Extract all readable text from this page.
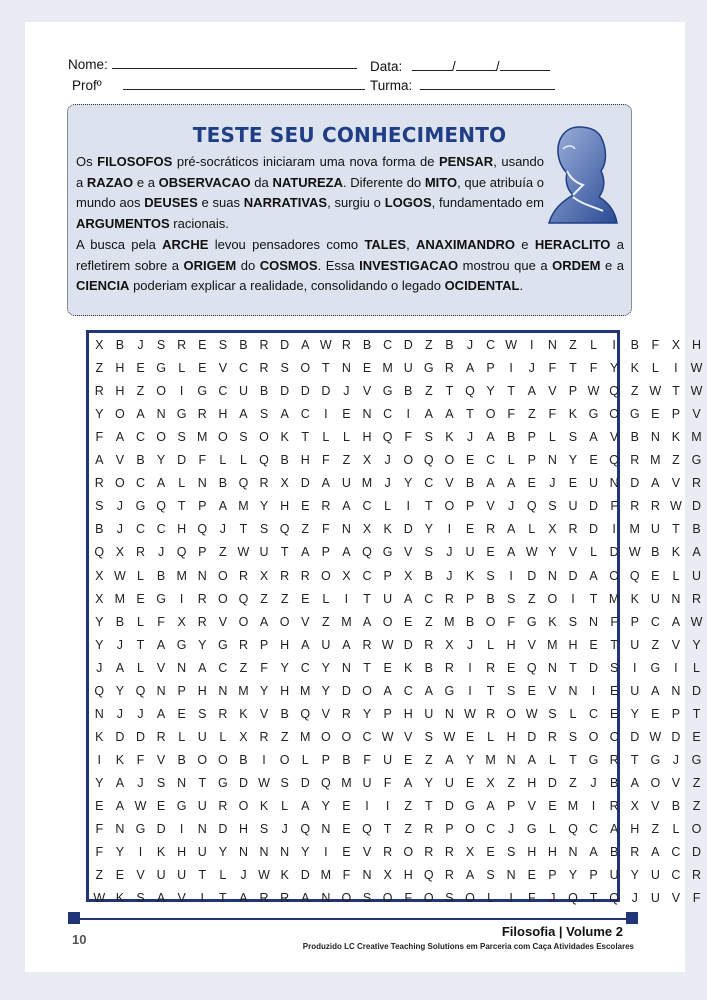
Nome:	Data:	/	/
Profº	Turma:
TESTE SEU CONHECIMENTO

Os FILOSOFOS pré-socráticos iniciaram uma nova forma de PENSAR, usando a RAZAO e a OBSERVACAO da NATUREZA. Diferente do MITO, que atribuía o mundo aos DEUSES e suas NARRATIVAS, surgiu o LOGOS, fundamentado em ARGUMENTOS racionais.

A busca pela ARCHE levou pensadores como TALES, ANAXIMANDRO e HERACLITO a refletirem sobre a ORIGEM do COSMOS. Essa INVESTIGACAO mostrou que a ORDEM e a CIENCIA poderiam explicar a realidade, consolidando o legado OCIDENTAL.

X B	J	S R E S B R D A W R B C D Z	B	J	C W	I	N Z	L	I	B	F	X H
Z H E G L	E V C R S O T N E M U G R A P	I	J	F	T	F	Y K	L	I	W
R H Z O	I	G C U B D D D	J	V G B	Z	T Q Y	T	A V P W Q Z W T W
Y O A N G R H A S A C	I	E N C	I	A A	T O F	Z	F	K G O G E P V
F	A C O S M O S O K	T	L	L	H Q F	S K	J	A B P	L	S A V B N K M
A V B Y D F	L	L Q B H F	Z	X	J	O Q O E C	L	P N Y E Q R M Z G
R O C A	L	N B Q R X D A U M J	Y C V B A A E	J	E U N D A V R
S	J	G Q T	P A M Y H E R A C	L	I	T O P V	J	Q S U D F R R W D
B	J	C C H Q	J	T	S Q Z	F N X K D Y	I	E R A	L	X R D	I	M U T	B
Q X R	J	Q P	Z W U T	A P A Q G V S	J	U E A W Y V	L	D W B K A
X W L	B M N O R X R R O X C P X B	J	K S	I	D N D A O Q E	L	U
X M E G	I	R O Q Z	Z	E	L	I	T U A C R P B S	Z O	I	T M K U N R
Y B	L	F	X R V O A O V	Z M A O E	Z M B O F G K S N F	P C A W
Y	J	T	A G Y G R P H A U A R W D R X	J	L	H V M H E	T U Z	V Y
J	A	L	V N A C Z	F	Y C Y N T	E K B R	I	R E Q N T D S	I	G	I	L
Q Y Q N P H N M Y H M Y D O A C A G	I	T	S E V N	I	E U A N D
N	J	J	A E S R K V B Q V R Y P H U N W R O W S	L	C E Y E P	T
K D D R	L	U	L	X R Z M O O C W V S W E	L	H D R S O C D W D E
I	K	F	V B O O B	I	O L	P B	F U E	Z	A Y M N A	L	T G R T G	J	G
Y A	J	S N T G D W S D Q M U F	A Y U E X	Z H D Z	J	B A O V	Z
E A W E G U R O K	L	A Y E	I	I	Z	T D G A P V E M	I	R X V B	Z
F N G D	I	N D H S	J	Q N E Q T	Z R P O C	J	G L Q C A H Z	L O
F	Y	I	K H U Y N N N Y	I	E V R O R R X E S H H N A B R A C D
Z	E V U U T	L	J W K D M F N X H Q R A S N E P Y P U Y U C R
W K S A V	I	T	A R R A N O S O F O S O L	I	F	J	Q T Q	J	U V	F
10
Filosofia | Volume 2
Produzido LC Creative Teaching Solutions em Parceria com Caça Atividades Escolares
